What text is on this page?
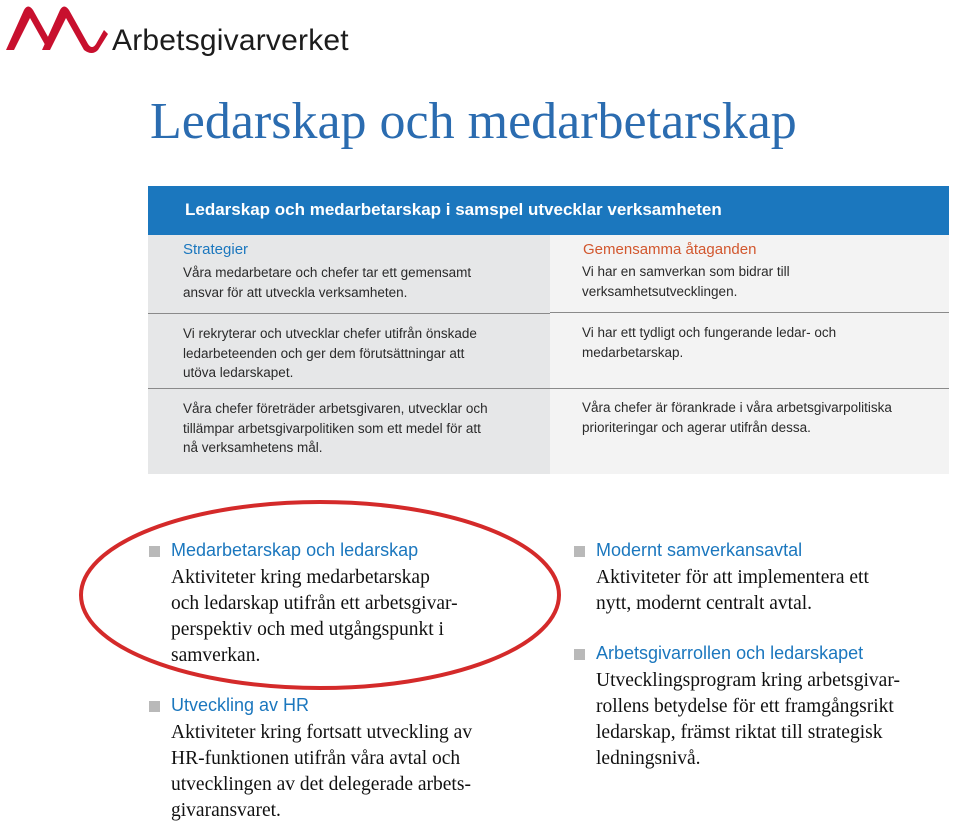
Arbetsgivarverket
Ledarskap och medarbetarskap
Ledarskap och medarbetarskap i samspel utvecklar verksamheten
Strategier
Våra medarbetare och chefer tar ett gemensamt
ansvar för att utveckla verksamheten.
Vi rekryterar och utvecklar chefer utifrån önskade
ledarbeteenden och ger dem förutsättningar att
utöva ledarskapet.
Våra chefer företräder arbetsgivaren, utvecklar och
tillämpar arbetsgivarpolitiken som ett medel för att
nå verksamhetens mål.
Gemensamma åtaganden
Vi har en samverkan som bidrar till
verksamhetsutvecklingen.
Vi har ett tydligt och fungerande ledar- och
medarbetarskap.
Våra chefer är förankrade i våra arbetsgivarpolitiska
prioriteringar och agerar utifrån dessa.
Medarbetarskap och ledarskap
Aktiviteter kring medarbetarskap
och ledarskap utifrån ett arbetsgivar-
perspektiv och med utgångspunkt i
samverkan.
Utveckling av HR
Aktiviteter kring fortsatt utveckling av
HR-funktionen utifrån våra avtal och
utvecklingen av det delegerade arbets-
givaransvaret.
Modernt samverkansavtal
Aktiviteter för att implementera ett
nytt, modernt centralt avtal.
Arbetsgivarrollen och ledarskapet
Utvecklingsprogram kring arbetsgivar-
rollens betydelse för ett framgångsrikt
ledarskap, främst riktat till strategisk
ledningsnivå.
